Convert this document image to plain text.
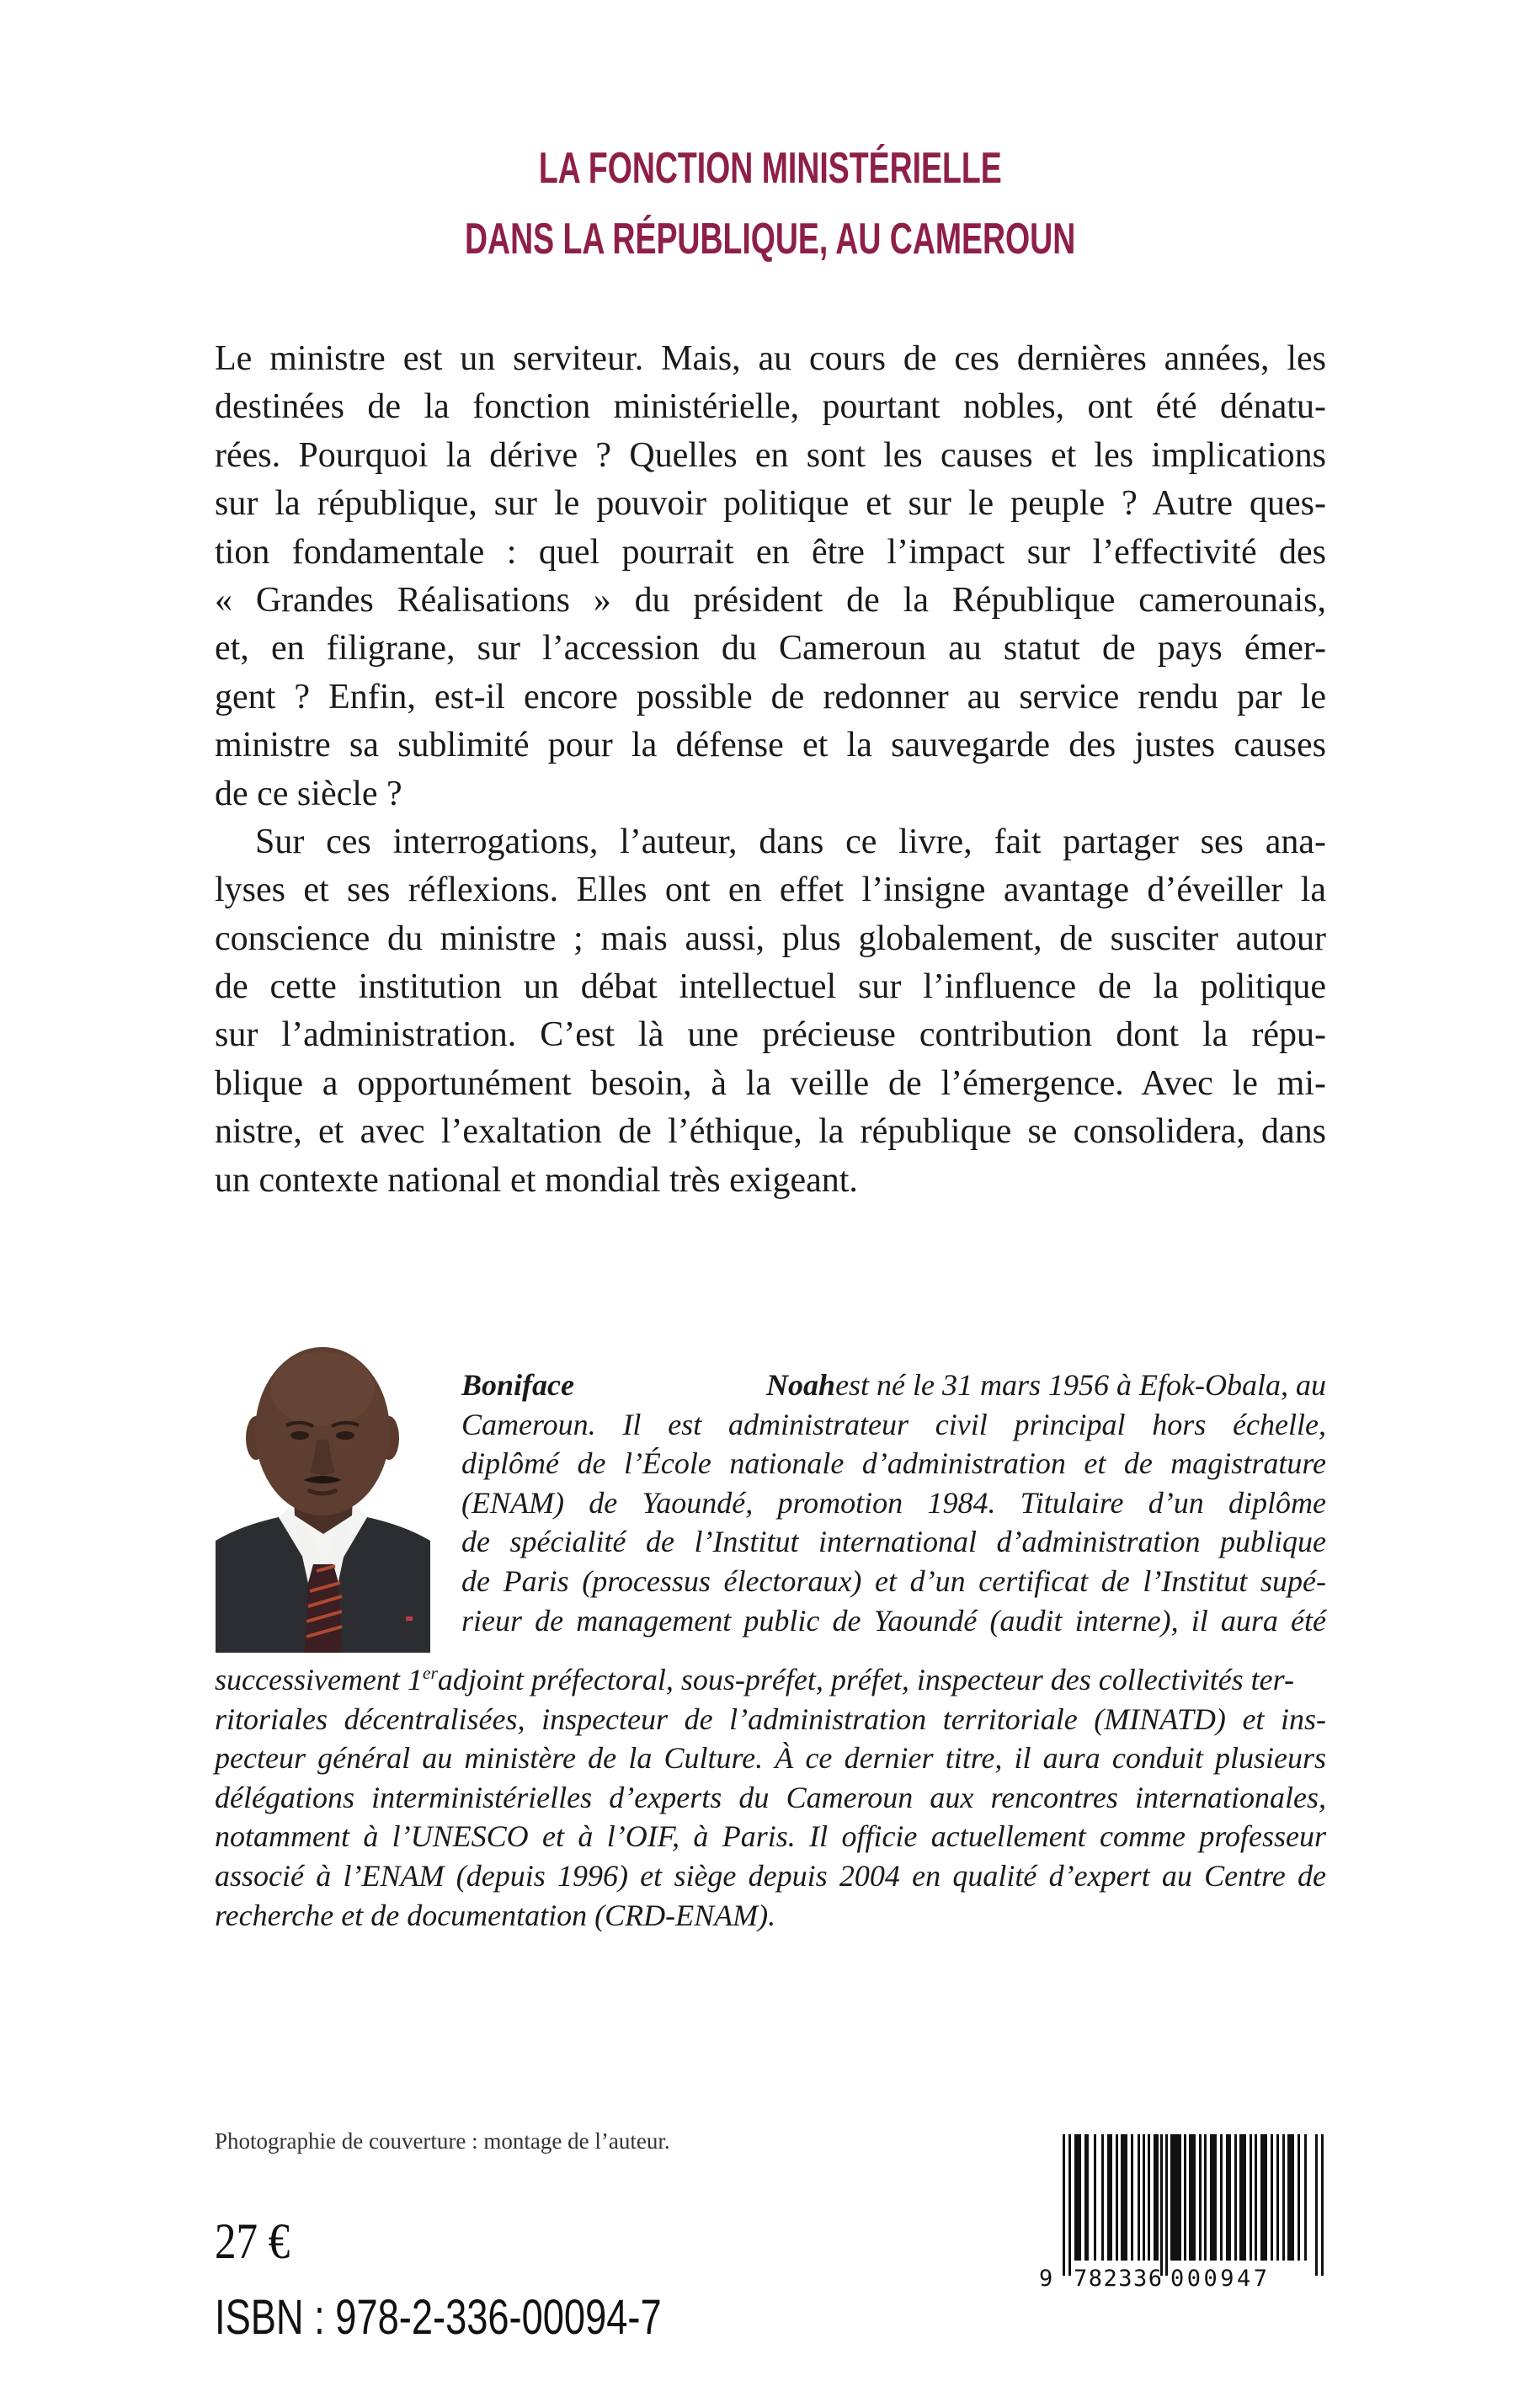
LA FONCTION MINISTÉRIELLE
DANS LA RÉPUBLIQUE, AU CAMEROUN
Le ministre est un serviteur. Mais, au cours de ces dernières années, les
destinées de la fonction ministérielle, pourtant nobles, ont été dénatu-
rées. Pourquoi la dérive ? Quelles en sont les causes et les implications
sur la république, sur le pouvoir politique et sur le peuple ? Autre ques-
tion fondamentale : quel pourrait en être l’impact sur l’effectivité des
« Grandes Réalisations » du président de la République camerounais,
et, en filigrane, sur l’accession du Cameroun au statut de pays émer-
gent ? Enfin, est-il encore possible de redonner au service rendu par le
ministre sa sublimité pour la défense et la sauvegarde des justes causes
de ce siècle ?
Sur ces interrogations, l’auteur, dans ce livre, fait partager ses ana-
lyses et ses réflexions. Elles ont en effet l’insigne avantage d’éveiller la
conscience du ministre ; mais aussi, plus globalement, de susciter autour
de cette institution un débat intellectuel sur l’influence de la politique
sur l’administration. C’est là une précieuse contribution dont la répu-
blique a opportunément besoin, à la veille de l’émergence. Avec le mi-
nistre, et avec l’exaltation de l’éthique, la république se consolidera, dans
un contexte national et mondial très exigeant.
Boniface Noahest né le 31 mars 1956 à Efok-Obala, au
Cameroun. Il est administrateur civil principal hors échelle,
diplômé de l’École nationale d’administration et de magistrature
(ENAM) de Yaoundé, promotion 1984. Titulaire d’un diplôme
de spécialité de l’Institut international d’administration publique
de Paris (processus électoraux) et d’un certificat de l’Institut supé-
rieur de management public de Yaoundé (audit interne), il aura été
successivement 1eradjoint préfectoral, sous-préfet, préfet, inspecteur des collectivités ter-
ritoriales décentralisées, inspecteur de l’administration territoriale (MINATD) et ins-
pecteur général au ministère de la Culture. À ce dernier titre, il aura conduit plusieurs
délégations interministérielles d’experts du Cameroun aux rencontres internationales,
notamment à l’UNESCO et à l’OIF, à Paris. Il officie actuellement comme professeur
associé à l’ENAM (depuis 1996) et siège depuis 2004 en qualité d’expert au Centre de
recherche et de documentation (CRD-ENAM).
Photographie de couverture : montage de l’auteur.
27 €
ISBN : 978-2-336-00094-7
9 782336 000947
